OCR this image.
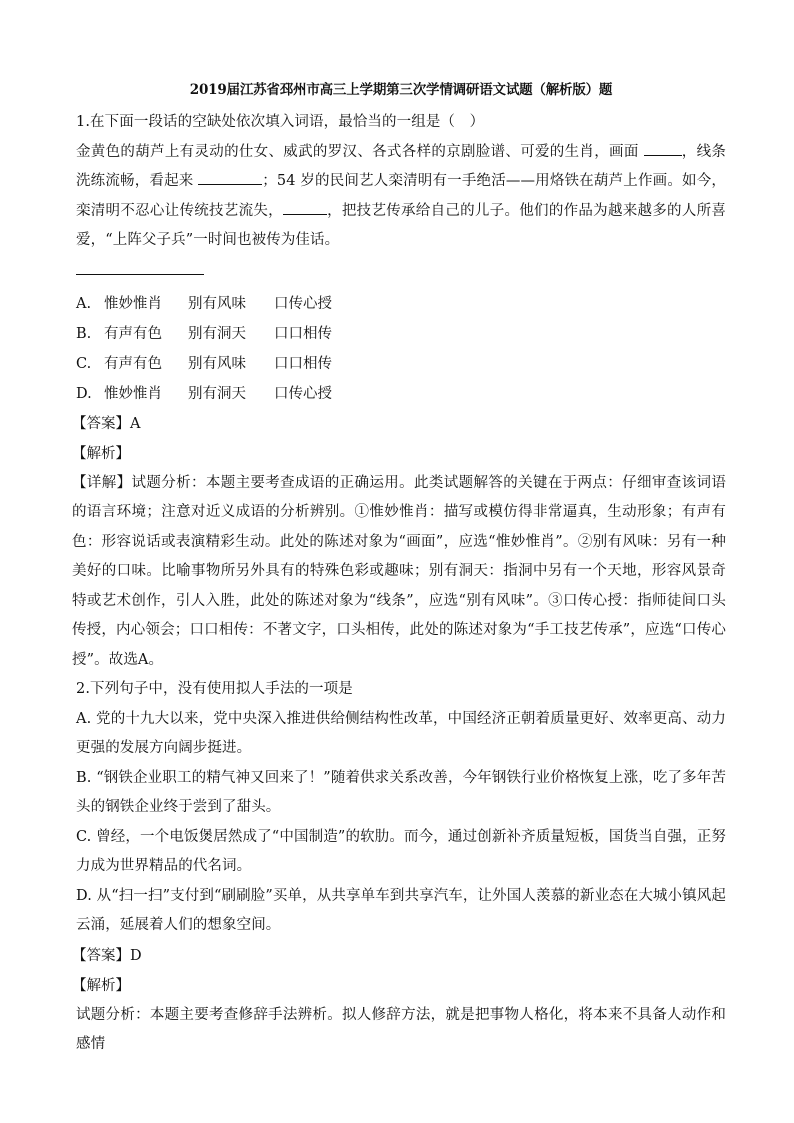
2019届江苏省邳州市高三上学期第三次学情调研语文试题（解析版）题

1.在下面一段话的空缺处依次填入词语，最恰当的一组是（　）

金黄色的葫芦上有灵动的仕女、威武的罗汉、各式各样的京剧脸谱、可爱的生肖，画面	，线条洗练流畅，看起来	；54 岁的民间艺人栾清明有一手绝活——用烙铁在葫芦上作画。如今，栾清明不忍心让传统技艺流失，	，把技艺传承给自己的儿子。他们的作品为越来越多的人所喜爱，“上阵父子兵”一时间也被传为佳话。

A. 惟妙惟肖 别有风味 口传心授

B. 有声有色 别有洞天 口口相传

C. 有声有色 别有风味 口口相传

D. 惟妙惟肖 别有洞天 口传心授

【答案】A

【解析】

【详解】试题分析：本题主要考查成语的正确运用。此类试题解答的关键在于两点：仔细审查该词语的语言环境；注意对近义成语的分析辨别。①惟妙惟肖：描写或模仿得非常逼真，生动形象；有声有色：形容说话或表演精彩生动。此处的陈述对象为“画面”，应选“惟妙惟肖”。②别有风味：另有一种美好的口味。比喻事物所另外具有的特殊色彩或趣味；别有洞天：指洞中另有一个天地，形容风景奇特或艺术创作，引人入胜，此处的陈述对象为“线条”，应选“别有风味”。③口传心授：指师徒间口头传授，内心领会；口口相传：不著文字，口头相传，此处的陈述对象为“手工技艺传承”，应选“口传心授”。故选A。

2.下列句子中，没有使用拟人手法的一项是

A. 党的十九大以来，党中央深入推进供给侧结构性改革，中国经济正朝着质量更好、效率更高、动力更强的发展方向阔步挺进。

B. “钢铁企业职工的精气神又回来了！”随着供求关系改善，今年钢铁行业价格恢复上涨，吃了多年苦头的钢铁企业终于尝到了甜头。

C. 曾经，一个电饭煲居然成了“中国制造”的软肋。而今，通过创新补齐质量短板，国货当自强，正努力成为世界精品的代名词。

D. 从“扫一扫”支付到“刷刷脸”买单，从共享单车到共享汽车，让外国人羡慕的新业态在大城小镇风起云涌，延展着人们的想象空间。

【答案】D

【解析】

试题分析：本题主要考查修辞手法辨析。拟人修辞方法，就是把事物人格化，将本来不具备人动作和感情
